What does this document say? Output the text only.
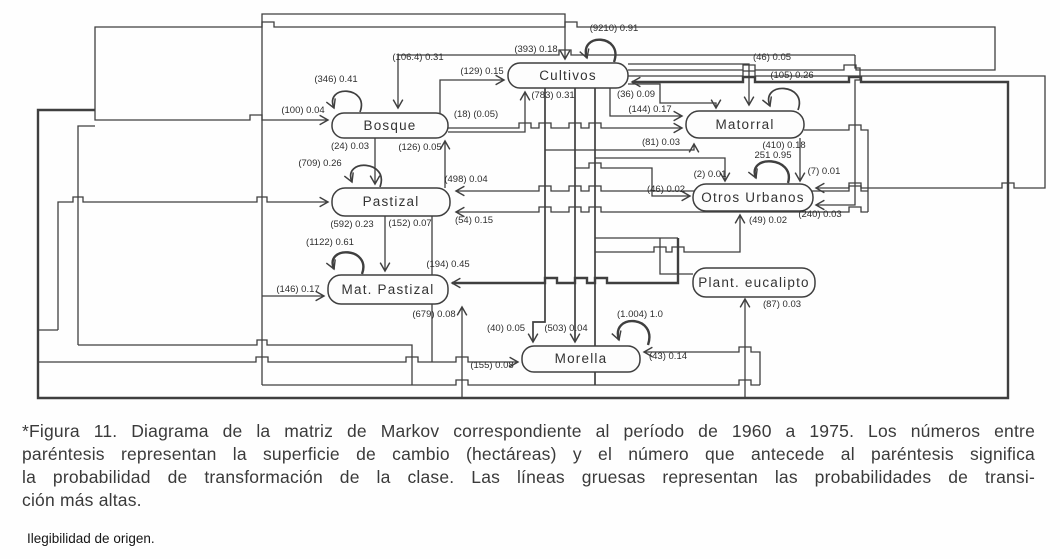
Cultivos
Bosque	Matorral
Pastizal	Otros Urbanos
Mat. Pastizal	Plant. eucalipto
Morella
(393) 0.18
(9210) 0.91
(106.4) 0.31
(129) 0.15
(46) 0.05
(346) 0.41
(100) 0.04
(783) 0.31
(18) (0.05)
(36) 0.09
(144) 0.17
(105) 0.26
(24) 0.03	(126) 0.05	(81) 0.03	(410) 0.18
251 0.95
(709) 0.26
(2) 0.01	(7) 0.01
(46) 0.02
(498) 0.04
(54) 0.15
(592) 0.23 (152) 0.07	(49) 0.02
(240) 0.03
(1122) 0.61
(194) 0.45
(146) 0.17
(679) 0.08
(40) 0.05 (503) 0.04
(1.004) 1.0
(87) 0.03
(43) 0.14
(155) 0.08
*Figura 11. Diagrama de la matriz de Markov correspondiente al período de 1960 a 1975. Los números entre
paréntesis representan la superficie de cambio (hectáreas) y el número que antecede al paréntesis significa
la probabilidad de transformación de la clase. Las líneas gruesas representan las probabilidades de transi-
ción más altas.
Ilegibilidad de origen.
